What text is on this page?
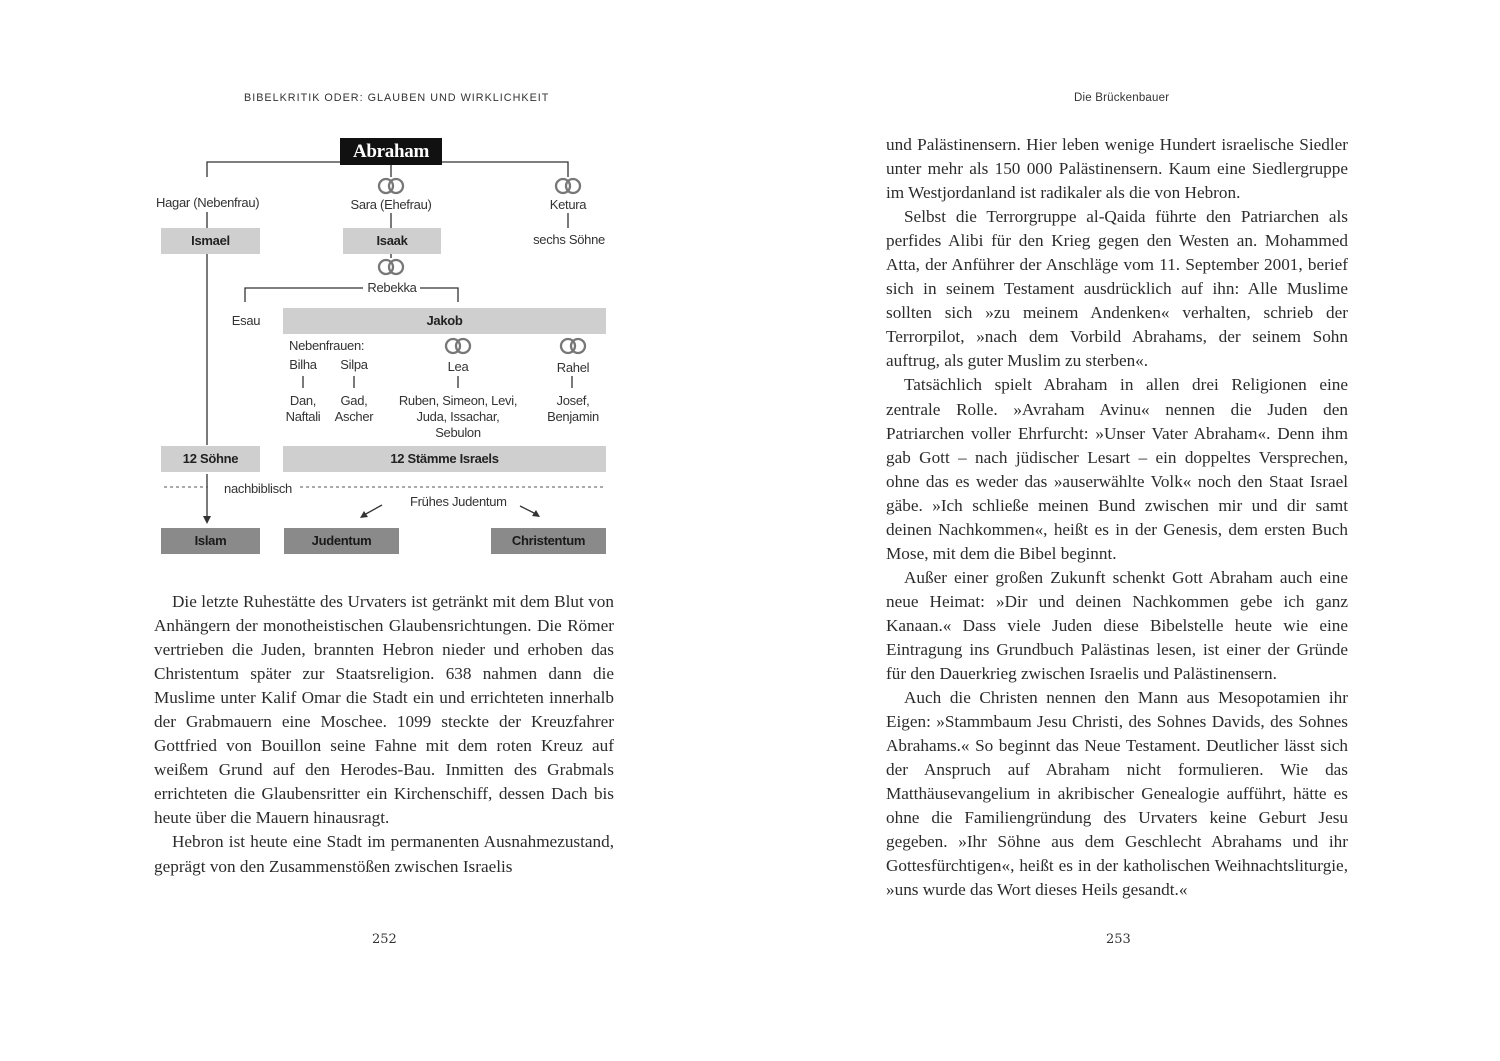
BIBELKRITIK ODER: GLAUBEN UND WIRKLICHKEIT
Abraham
Hagar (Nebenfrau)	Sara (Ehefrau)	Ketura
Ismael	Isaak	sechs Söhne
Rebekka
Esau	Jakob
Nebenfrauen:
Bilha Silpa	Lea	Rahel
Dan,
Naftali
Gad,
Ascher
Ruben, Simeon, Levi,
Juda, Issachar, Sebulon
Josef,
Benjamin
12 Söhne	12 Stämme Israels
nachbiblisch
Frühes Judentum
Islam	Judentum	Christentum

Die letzte Ruhestätte des Urvaters ist getränkt mit dem Blut von Anhängern der monotheistischen Glaubensrichtungen. Die Römer vertrieben die Juden, brannten Hebron nieder und erhoben das Christentum später zur Staatsreligion. 638 nahmen dann die Muslime unter Kalif Omar die Stadt ein und errichteten innerhalb der Grabmauern eine Moschee. 1099 steckte der Kreuzfahrer Gottfried von Bouillon seine Fahne mit dem roten Kreuz auf weißem Grund auf den Herodes-Bau. Inmitten des Grabmals errichteten die Glaubensritter ein Kirchenschiff, dessen Dach bis heute über die Mauern hinausragt.

Hebron ist heute eine Stadt im permanenten Ausnahmezustand, geprägt von den Zusammenstößen zwischen Israelis

252
Die Brückenbauer

und Palästinensern. Hier leben wenige Hundert israelische Siedler unter mehr als 150 000 Palästinensern. Kaum eine Siedlergruppe im Westjordanland ist radikaler als die von Hebron.

Selbst die Terrorgruppe al-Qaida führte den Patriarchen als perfides Alibi für den Krieg gegen den Westen an. Mohammed Atta, der Anführer der Anschläge vom 11. September 2001, berief sich in seinem Testament ausdrücklich auf ihn: Alle Muslime sollten sich »zu meinem Andenken« verhalten, schrieb der Terrorpilot, »nach dem Vorbild Abrahams, der seinem Sohn auftrug, als guter Muslim zu sterben«.

Tatsächlich spielt Abraham in allen drei Religionen eine zentrale Rolle. »Avraham Avinu« nennen die Juden den Patriarchen voller Ehrfurcht: »Unser Vater Abraham«. Denn ihm gab Gott – nach jüdischer Lesart – ein doppeltes Versprechen, ohne das es weder das »auserwählte Volk« noch den Staat Israel gäbe. »Ich schließe meinen Bund zwischen mir und dir samt deinen Nachkommen«, heißt es in der Genesis, dem ersten Buch Mose, mit dem die Bibel beginnt.

Außer einer großen Zukunft schenkt Gott Abraham auch eine neue Heimat: »Dir und deinen Nachkommen gebe ich ganz Kanaan.« Dass viele Juden diese Bibelstelle heute wie eine Eintragung ins Grundbuch Palästinas lesen, ist einer der Gründe für den Dauerkrieg zwischen Israelis und Palästinensern.

Auch die Christen nennen den Mann aus Mesopotamien ihr Eigen: »Stammbaum Jesu Christi, des Sohnes Davids, des Sohnes Abrahams.« So beginnt das Neue Testament. Deutlicher lässt sich der Anspruch auf Abraham nicht formulieren. Wie das Matthäusevangelium in akribischer Genealogie aufführt, hätte es ohne die Familiengründung des Urvaters keine Geburt Jesu gegeben. »Ihr Söhne aus dem Geschlecht Abrahams und ihr Gottesfürchtigen«, heißt es in der katholischen Weihnachtsliturgie, »uns wurde das Wort dieses Heils gesandt.«

253
